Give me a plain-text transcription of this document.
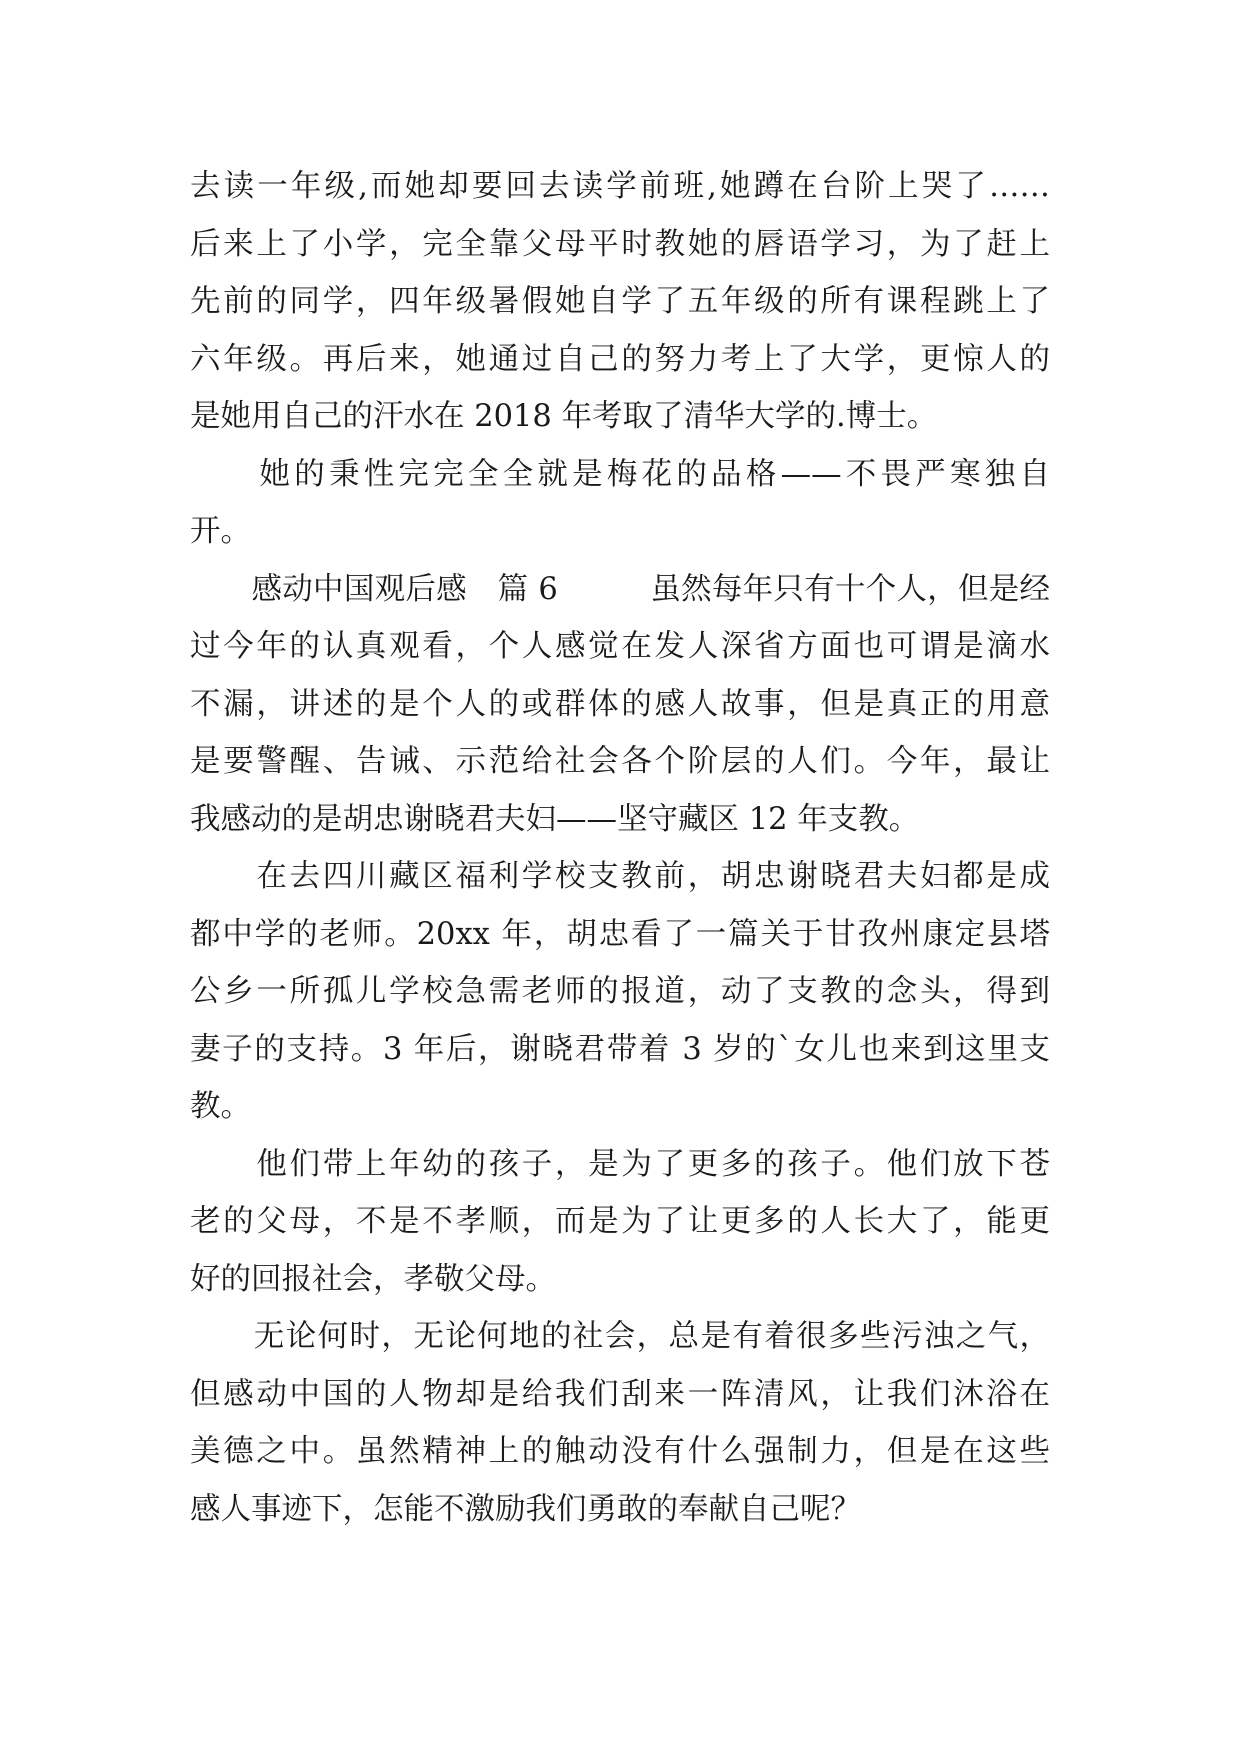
去读一年级,而她却要回去读学前班,她蹲在台阶上哭了……
后来上了小学，完全靠父母平时教她的唇语学习，为了赶上
先前的同学，四年级暑假她自学了五年级的所有课程跳上了
六年级。再后来，她通过自己的努力考上了大学，更惊人的
是她用自己的汗水在 2018 年考取了清华大学的.博士。

　　她的秉性完完全全就是梅花的品格——不畏严寒独自
开。

　　感动中国观后感　篇 6　　　虽然每年只有十个人，但是经
过今年的认真观看，个人感觉在发人深省方面也可谓是滴水
不漏，讲述的是个人的或群体的感人故事，但是真正的用意
是要警醒、告诫、示范给社会各个阶层的人们。今年，最让
我感动的是胡忠谢晓君夫妇——坚守藏区 12 年支教。

　　在去四川藏区福利学校支教前，胡忠谢晓君夫妇都是成
都中学的老师。20xx 年，胡忠看了一篇关于甘孜州康定县塔
公乡一所孤儿学校急需老师的报道，动了支教的念头，得到
妻子的支持。3 年后，谢晓君带着 3 岁的`女儿也来到这里支
教。

　　他们带上年幼的孩子，是为了更多的孩子。他们放下苍
老的父母，不是不孝顺，而是为了让更多的人长大了，能更
好的回报社会，孝敬父母。

　　无论何时，无论何地的社会，总是有着很多些污浊之气，
但感动中国的人物却是给我们刮来一阵清风，让我们沐浴在
美德之中。虽然精神上的触动没有什么强制力，但是在这些
感人事迹下，怎能不激励我们勇敢的奉献自己呢？
